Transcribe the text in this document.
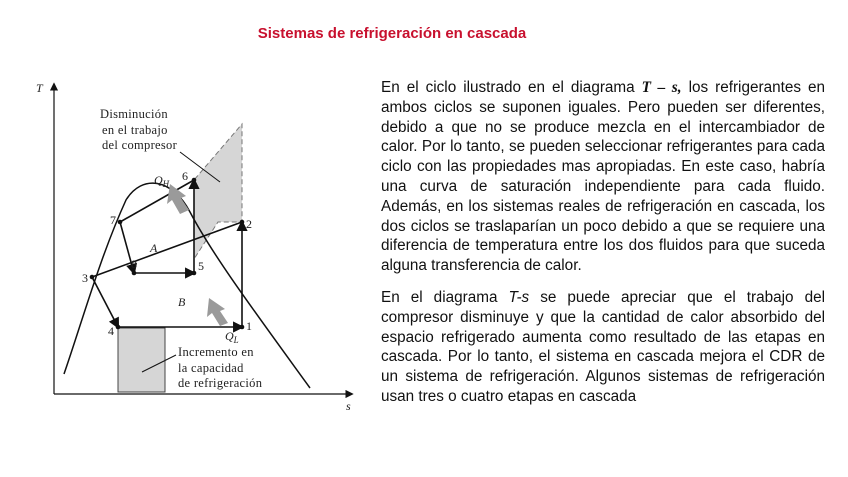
Sistemas de refrigeración en cascada
T
s
1
2
3
4
5
6
7
8
A
B
$Q_H$
$Q_L$
Disminución
en el trabajo
del compresor
Incremento en
la capacidad
de refrigeración
En el ciclo ilustrado en el diagrama T – s, los refrigerantes en ambos ciclos se suponen iguales. Pero pueden ser diferentes, debido a que no se produce mezcla en el intercambiador de calor. Por lo tanto, se pueden seleccionar refrigerantes para cada ciclo con las propiedades mas apropiadas. En este caso, habría una curva de saturación independiente para cada fluido. Además, en los sistemas reales de refrigeración en cascada, los dos ciclos se traslaparían un poco debido a que se requiere una diferencia de temperatura entre los dos fluidos para que suceda alguna transferencia de calor.
En el diagrama T-s se puede apreciar que el trabajo del compresor disminuye y que la cantidad de calor absorbido del espacio refrigerado aumenta como resultado de las etapas en cascada. Por lo tanto, el sistema en cascada mejora el CDR de un sistema de refrigeración. Algunos sistemas de refrigeración usan tres o cuatro etapas en cascada
